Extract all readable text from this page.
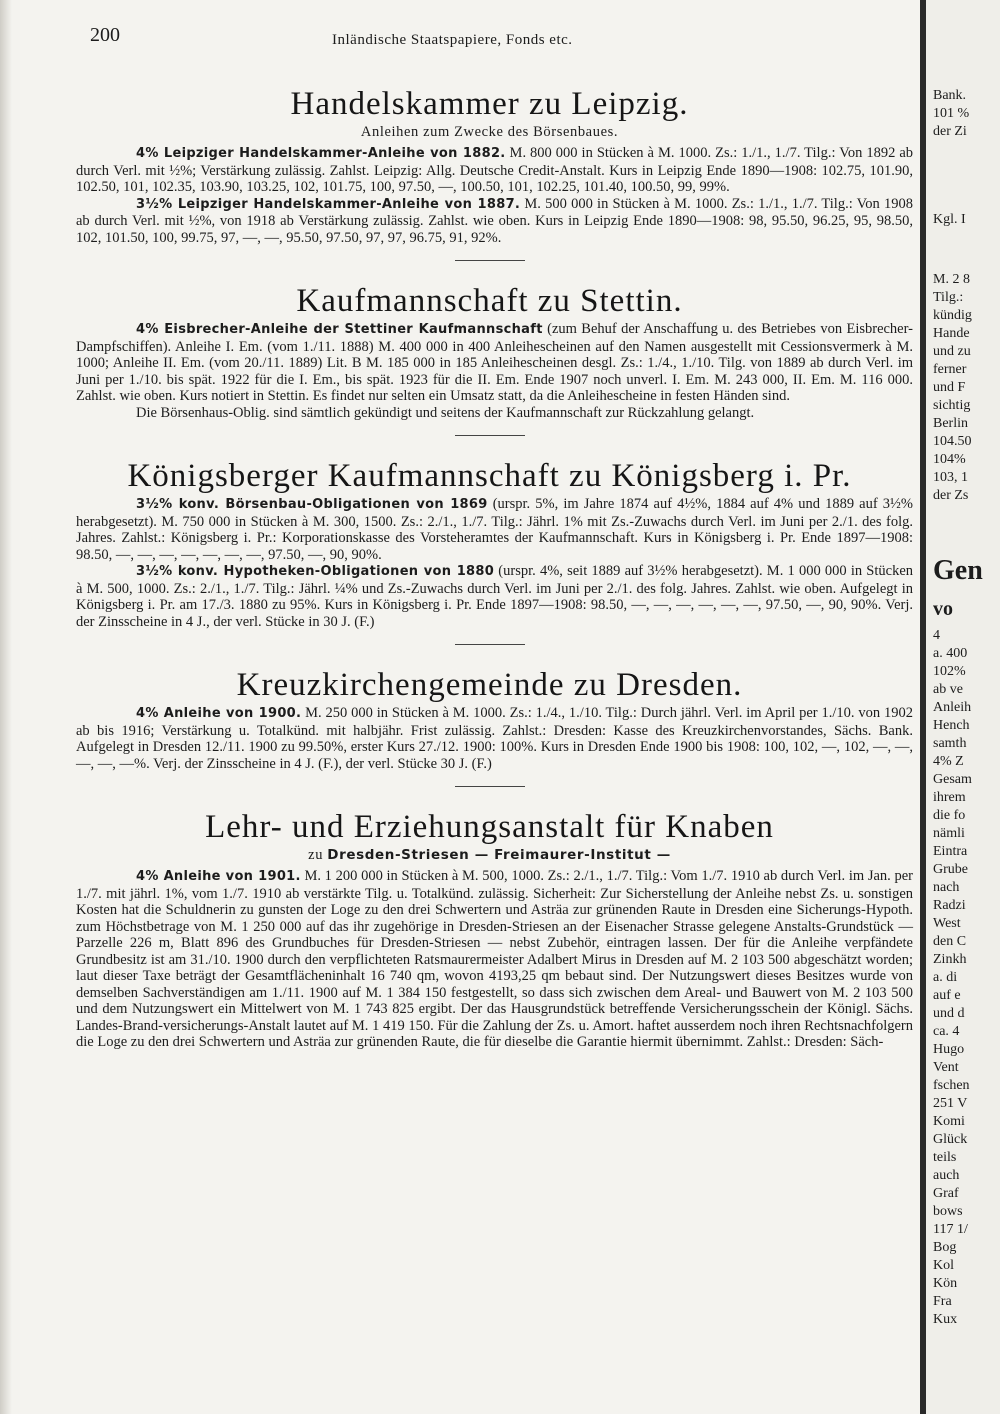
200	Inländische Staatspapiere, Fonds etc.
Handelskammer zu Leipzig.
Anleihen zum Zwecke des Börsenbaues.

4% Leipziger Handelskammer-Anleihe von 1882. M. 800 000 in Stücken à M. 1000. Zs.: 1./1., 1./7. Tilg.: Von 1892 ab durch Verl. mit ½%; Verstärkung zulässig. Zahlst. Leipzig: Allg. Deutsche Credit-Anstalt. Kurs in Leipzig Ende 1890—1908: 102.75, 101.90, 102.50, 101, 102.35, 103.90, 103.25, 102, 101.75, 100, 97.50, —, 100.50, 101, 102.25, 101.40, 100.50, 99, 99%.

3½% Leipziger Handelskammer-Anleihe von 1887. M. 500 000 in Stücken à M. 1000. Zs.: 1./1., 1./7. Tilg.: Von 1908 ab durch Verl. mit ½%, von 1918 ab Verstärkung zulässig. Zahlst. wie oben. Kurs in Leipzig Ende 1890—1908: 98, 95.50, 96.25, 95, 98.50, 102, 101.50, 100, 99.75, 97, —, —, 95.50, 97.50, 97, 97, 96.75, 91, 92%.

Kaufmannschaft zu Stettin.

4% Eisbrecher-Anleihe der Stettiner Kaufmannschaft (zum Behuf der Anschaffung u. des Betriebes von Eisbrecher-Dampfschiffen). Anleihe I. Em. (vom 1./11. 1888) M. 400 000 in 400 Anleihescheinen auf den Namen ausgestellt mit Cessionsvermerk à M. 1000; Anleihe II. Em. (vom 20./11. 1889) Lit. B M. 185 000 in 185 Anleihescheinen desgl. Zs.: 1./4., 1./10. Tilg. von 1889 ab durch Verl. im Juni per 1./10. bis spät. 1922 für die I. Em., bis spät. 1923 für die II. Em. Ende 1907 noch unverl. I. Em. M. 243 000, II. Em. M. 116 000. Zahlst. wie oben. Kurs notiert in Stettin. Es findet nur selten ein Umsatz statt, da die Anleihescheine in festen Händen sind.

Die Börsenhaus-Oblig. sind sämtlich gekündigt und seitens der Kaufmannschaft zur Rückzahlung gelangt.

Königsberger Kaufmannschaft zu Königsberg i. Pr.

3½% konv. Börsenbau-Obligationen von 1869 (urspr. 5%, im Jahre 1874 auf 4½%, 1884 auf 4% und 1889 auf 3½% herabgesetzt). M. 750 000 in Stücken à M. 300, 1500. Zs.: 2./1., 1./7. Tilg.: Jährl. 1% mit Zs.-Zuwachs durch Verl. im Juni per 2./1. des folg. Jahres. Zahlst.: Königsberg i. Pr.: Korporationskasse des Vorsteheramtes der Kaufmannschaft. Kurs in Königsberg i. Pr. Ende 1897—1908: 98.50, —, —, —, —, —, —, —, 97.50, —, 90, 90%.

3½% konv. Hypotheken-Obligationen von 1880 (urspr. 4%, seit 1889 auf 3½% herabgesetzt). M. 1 000 000 in Stücken à M. 500, 1000. Zs.: 2./1., 1./7. Tilg.: Jährl. ¼% und Zs.-Zuwachs durch Verl. im Juni per 2./1. des folg. Jahres. Zahlst. wie oben. Aufgelegt in Königsberg i. Pr. am 17./3. 1880 zu 95%. Kurs in Königsberg i. Pr. Ende 1897—1908: 98.50, —, —, —, —, —, —, 97.50, —, 90, 90%. Verj. der Zinsscheine in 4 J., der verl. Stücke in 30 J. (F.)

Kreuzkirchengemeinde zu Dresden.

4% Anleihe von 1900. M. 250 000 in Stücken à M. 1000. Zs.: 1./4., 1./10. Tilg.: Durch jährl. Verl. im April per 1./10. von 1902 ab bis 1916; Verstärkung u. Totalkünd. mit halbjähr. Frist zulässig. Zahlst.: Dresden: Kasse des Kreuzkirchenvorstandes, Sächs. Bank. Aufgelegt in Dresden 12./11. 1900 zu 99.50%, erster Kurs 27./12. 1900: 100%. Kurs in Dresden Ende 1900 bis 1908: 100, 102, —, 102, —, —, —, —, —%. Verj. der Zinsscheine in 4 J. (F.), der verl. Stücke 30 J. (F.)

Lehr- und Erziehungsanstalt für Knaben
zu Dresden-Striesen — Freimaurer-Institut —

4% Anleihe von 1901. M. 1 200 000 in Stücken à M. 500, 1000. Zs.: 2./1., 1./7. Tilg.: Vom 1./7. 1910 ab durch Verl. im Jan. per 1./7. mit jährl. 1%, vom 1./7. 1910 ab verstärkte Tilg. u. Totalkünd. zulässig. Sicherheit: Zur Sicherstellung der Anleihe nebst Zs. u. sonstigen Kosten hat die Schuldnerin zu gunsten der Loge zu den drei Schwertern und Asträa zur grünenden Raute in Dresden eine Sicherungs-Hypoth. zum Höchstbetrage von M. 1 250 000 auf das ihr zugehörige in Dresden-Striesen an der Eisenacher Strasse gelegene Anstalts-Grundstück — Parzelle 226 m, Blatt 896 des Grundbuches für Dresden-Striesen — nebst Zubehör, eintragen lassen. Der für die Anleihe verpfändete Grundbesitz ist am 31./10. 1900 durch den verpflichteten Ratsmaurermeister Adalbert Mirus in Dresden auf M. 2 103 500 abgeschätzt worden; laut dieser Taxe beträgt der Gesamtflächeninhalt 16 740 qm, wovon 4193,25 qm bebaut sind. Der Nutzungswert dieses Besitzes wurde von demselben Sachverständigen am 1./11. 1900 auf M. 1 384 150 festgestellt, so dass sich zwischen dem Areal- und Bauwert von M. 2 103 500 und dem Nutzungswert ein Mittelwert von M. 1 743 825 ergibt. Der das Hausgrundstück betreffende Versicherungsschein der Königl. Sächs. Landes-Brand-versicherungs-Anstalt lautet auf M. 1 419 150. Für die Zahlung der Zs. u. Amort. haftet ausserdem noch ihren Rechtsnachfolgern die Loge zu den drei Schwertern und Asträa zur grünenden Raute, die für dieselbe die Garantie hiermit übernimmt. Zahlst.: Dresden: Säch-

Bank.
101 %
der Zi
Kgl. I
M. 2 8
Tilg.:
kündig
Hande
und zu
ferner
und F
sichtig
Berlin
104.50
104%
103, 1
der Zs
Gen
vo
4
a. 400
102%
ab ve
Anleih
Hench
samth
4% Z
Gesam
ihrem
die fo
nämli
Eintra
Grube
nach
Radzi
West
den C
Zinkh
a. di
auf e
und d
ca. 4
Hugo
Vent
fschen
251 V
Komi
Glück
teils
auch
Graf
bows
117 1/
Bog
Kol
Kön
Fra
Kux
